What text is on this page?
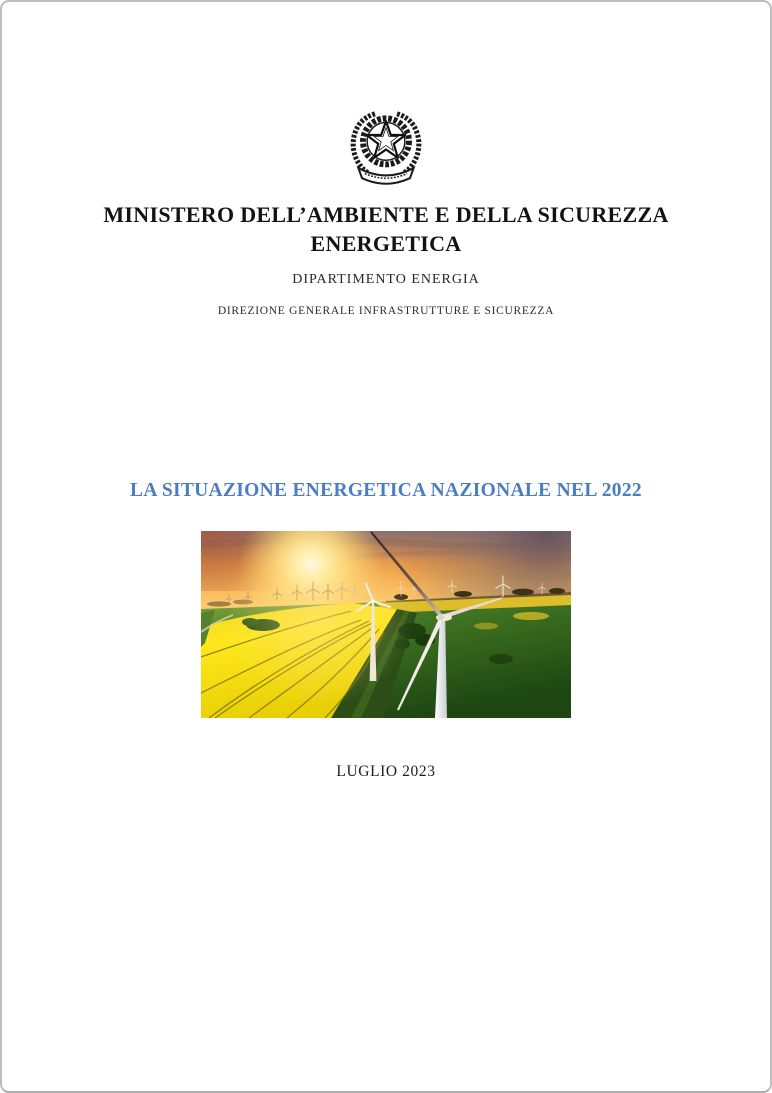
MINISTERO DELL’AMBIENTE E DELLA SICUREZZA ENERGETICA
DIPARTIMENTO ENERGIA
DIREZIONE GENERALE INFRASTRUTTURE E SICUREZZA
LA SITUAZIONE ENERGETICA NAZIONALE NEL 2022
LUGLIO 2023
